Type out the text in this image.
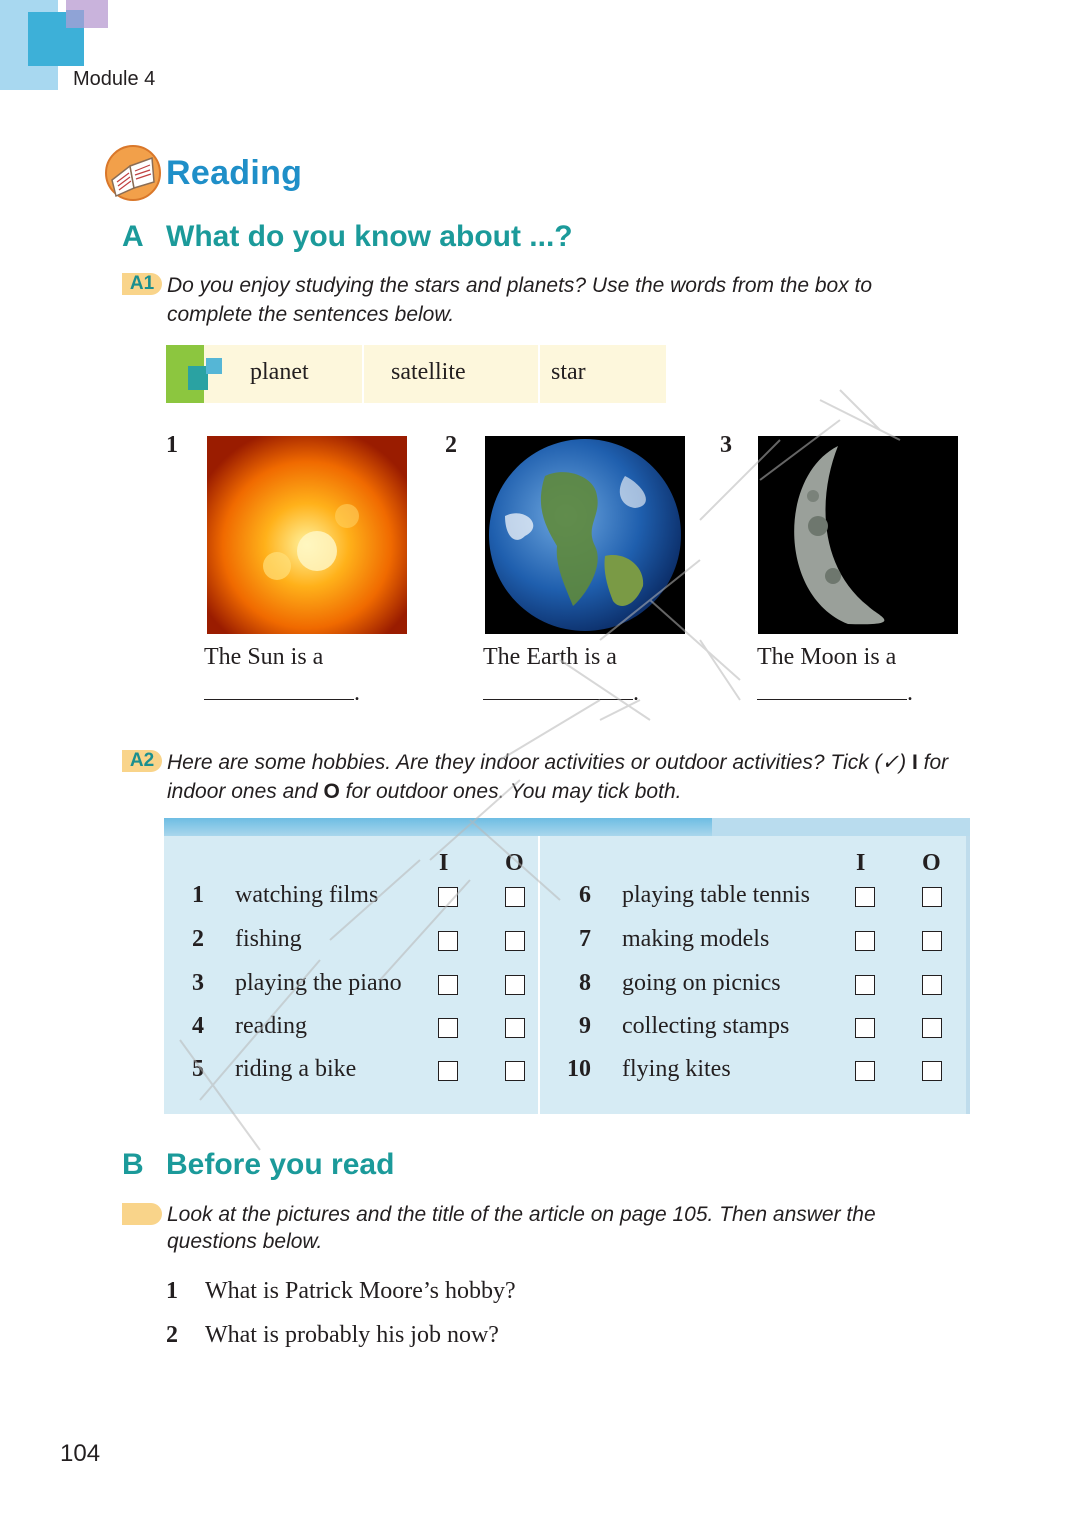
Module 4
Reading
A What do you know about ...?
A1 Do you enjoy studying the stars and planets? Use the words from the box to
complete the sentences below.
planet	satellite	star
1	2	3
The Sun is a	The Earth is a	The Moon is a
.	.	.
A2 Here are some hobbies. Are they indoor activities or outdoor activities? Tick (✓) I for
indoor ones and O for outdoor ones. You may tick both.
I O	I O
1 watching films
2 fishing
3 playing the piano
4 reading
5 riding a bike
6 playing table tennis
7 making models
8 going on picnics
9 collecting stamps
10 flying kites
B Before you read
Look at the pictures and the title of the article on page 105. Then answer the
questions below.
1 What is Patrick Moore’s hobby?
2 What is probably his job now?
104
